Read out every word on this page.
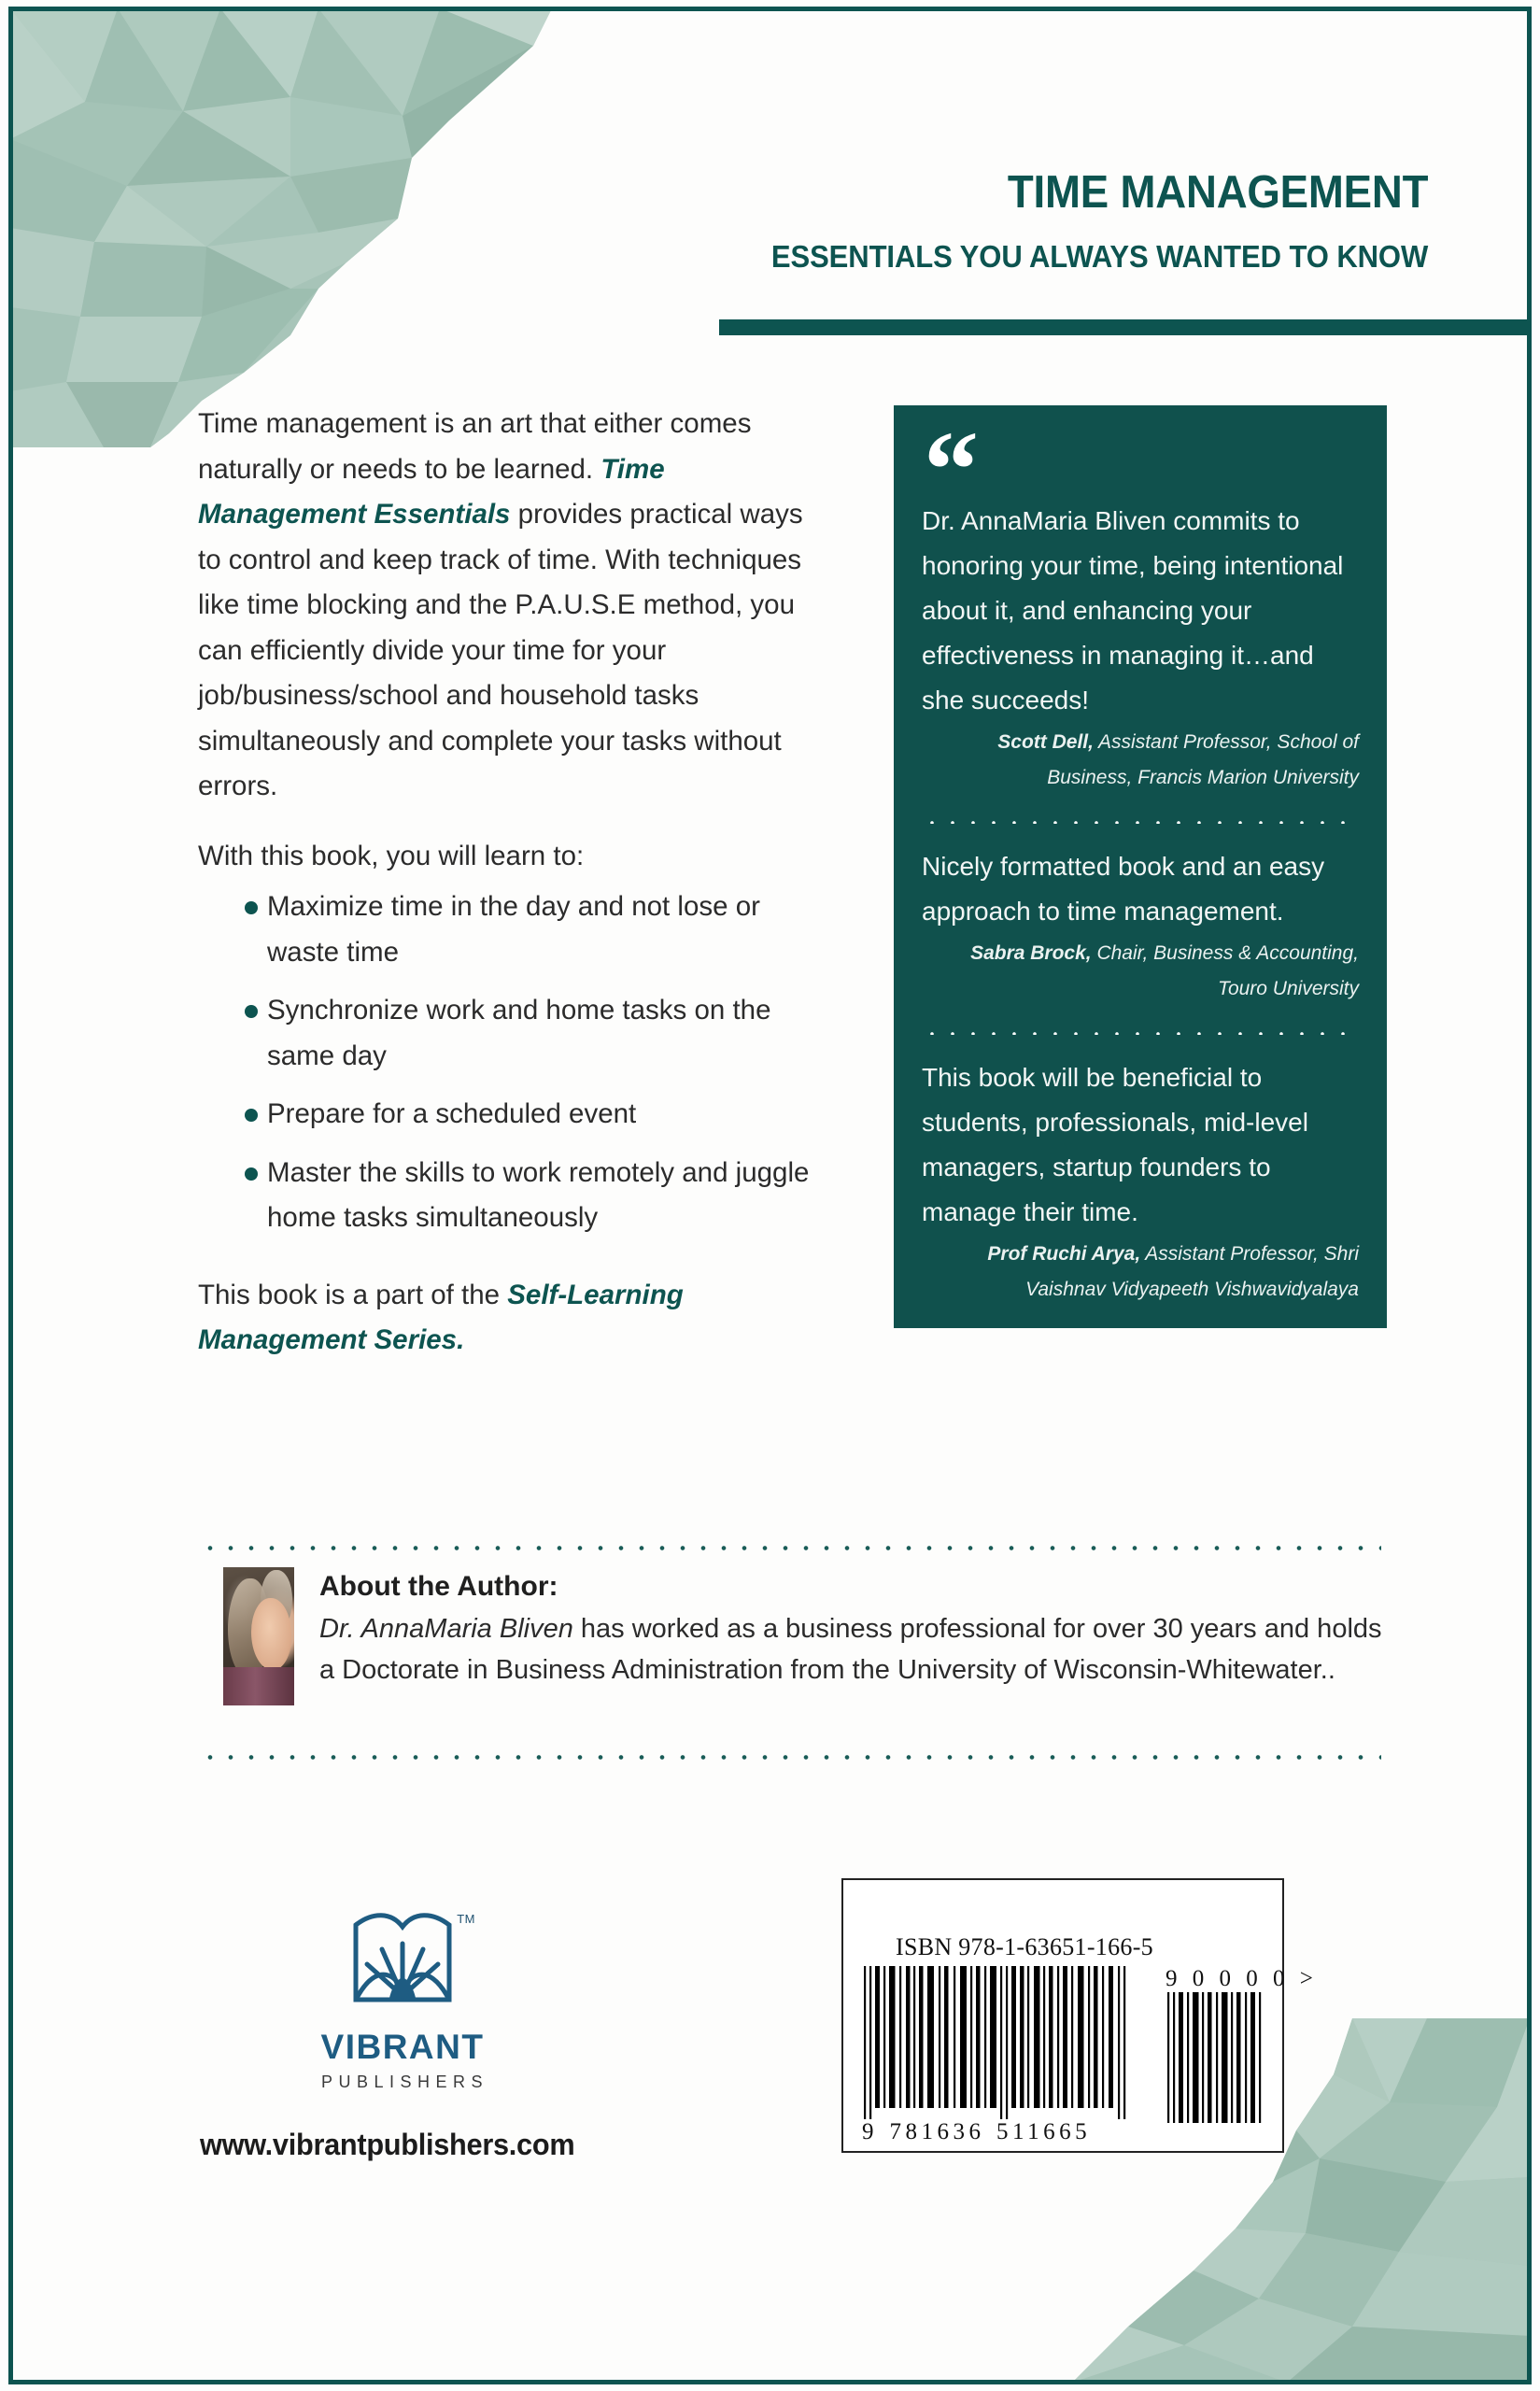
TIME MANAGEMENT
ESSENTIALS YOU ALWAYS WANTED TO KNOW

Time management is an art that either comes naturally or needs to be learned. Time Management Essentials provides practical ways to control and keep track of time. With techniques like time blocking and the P.A.U.S.E method, you can efficiently divide your time for your job/business/school and household tasks simultaneously and complete your tasks without errors.

With this book, you will learn to:

Maximize time in the day and not lose or waste time
Synchronize work and home tasks on the same day
Prepare for a scheduled event
Master the skills to work remotely and juggle home tasks simultaneously

This book is a part of the Self-Learning Management Series.

“

Dr. AnnaMaria Bliven commits to honoring your time, being intentional about it, and enhancing your effectiveness in managing it…and she succeeds!

Scott Dell, Assistant Professor, School of Business, Francis Marion University

Nicely formatted book and an easy approach to time management.

Sabra Brock, Chair, Business & Accounting, Touro University

This book will be beneficial to students, professionals, mid-level managers, startup founders to manage their time.

Prof Ruchi Arya, Assistant Professor, Shri Vaishnav Vidyapeeth Vishwavidyalaya

About the Author:

Dr. AnnaMaria Bliven has worked as a business professional for over 30 years and holds a Doctorate in Business Administration from the University of Wisconsin-Whitewater..

TM
VIBRANT
PUBLISHERS
www.vibrantpublishers.com
ISBN 978-1-63651-166-5
9 0 0 0 0 >
9 781636 511665
